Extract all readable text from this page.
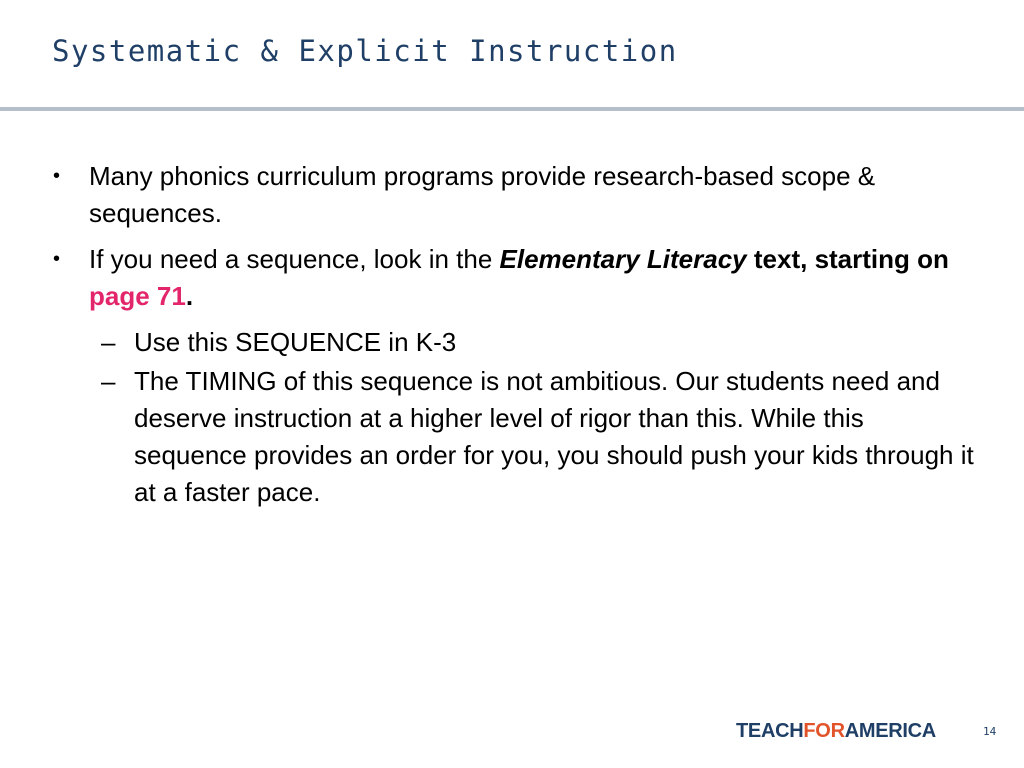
Systematic & Explicit Instruction
• Many phonics curriculum programs provide research-based scope & sequences.
• If you need a sequence, look in the Elementary Literacy text, starting on page 71.
– Use this SEQUENCE in K-3
– The TIMING of this sequence is not ambitious. Our students need and deserve instruction at a higher level of rigor than this. While this sequence provides an order for you, you should push your kids through it at a faster pace.
TEACHFORAMERICA	14
